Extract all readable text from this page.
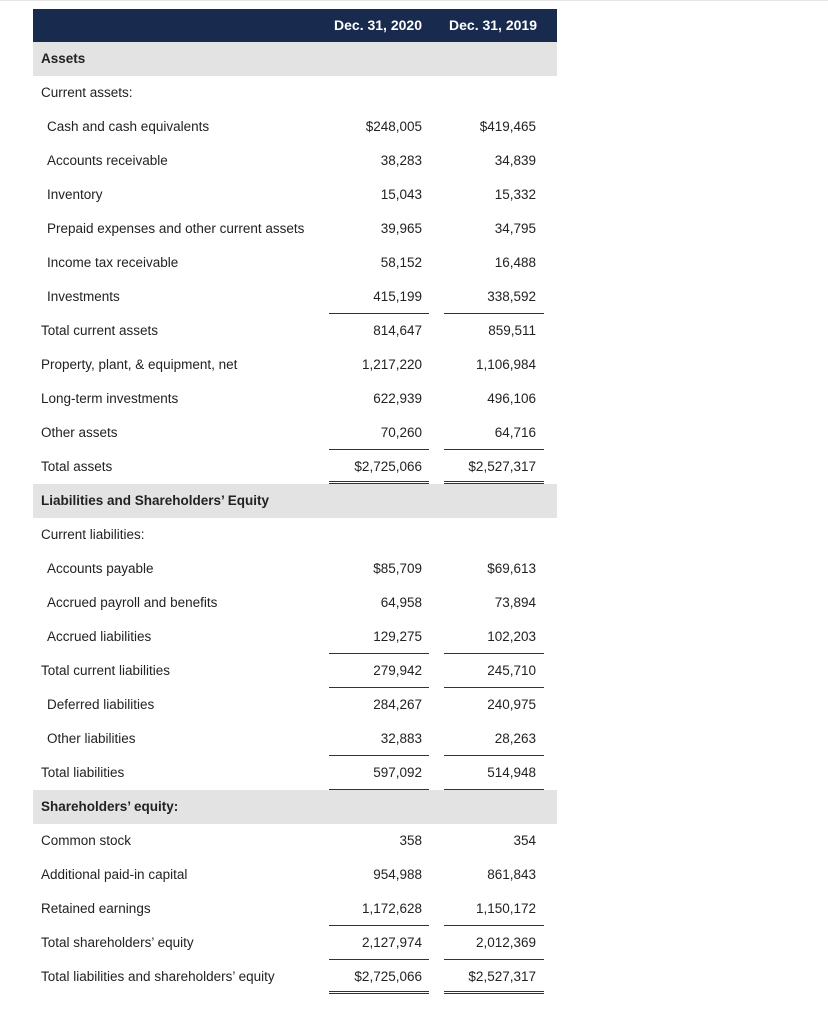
Dec. 31, 2020	Dec. 31, 2019
Assets
Current assets:
Cash and cash equivalents	$248,005	$419,465
Accounts receivable	38,283	34,839
Inventory	15,043	15,332
Prepaid expenses and other current assets	39,965	34,795
Income tax receivable	58,152	16,488
Investments	415,199	338,592
Total current assets	814,647	859,511
Property, plant, & equipment, net	1,217,220	1,106,984
Long-term investments	622,939	496,106
Other assets	70,260	64,716
Total assets	$2,725,066	$2,527,317
Liabilities and Shareholders’ Equity
Current liabilities:
Accounts payable	$85,709	$69,613
Accrued payroll and benefits	64,958	73,894
Accrued liabilities	129,275	102,203
Total current liabilities	279,942	245,710
Deferred liabilities	284,267	240,975
Other liabilities	32,883	28,263
Total liabilities	597,092	514,948
Shareholders’ equity:
Common stock	358	354
Additional paid-in capital	954,988	861,843
Retained earnings	1,172,628	1,150,172
Total shareholders’ equity	2,127,974	2,012,369
Total liabilities and shareholders’ equity	$2,725,066	$2,527,317
